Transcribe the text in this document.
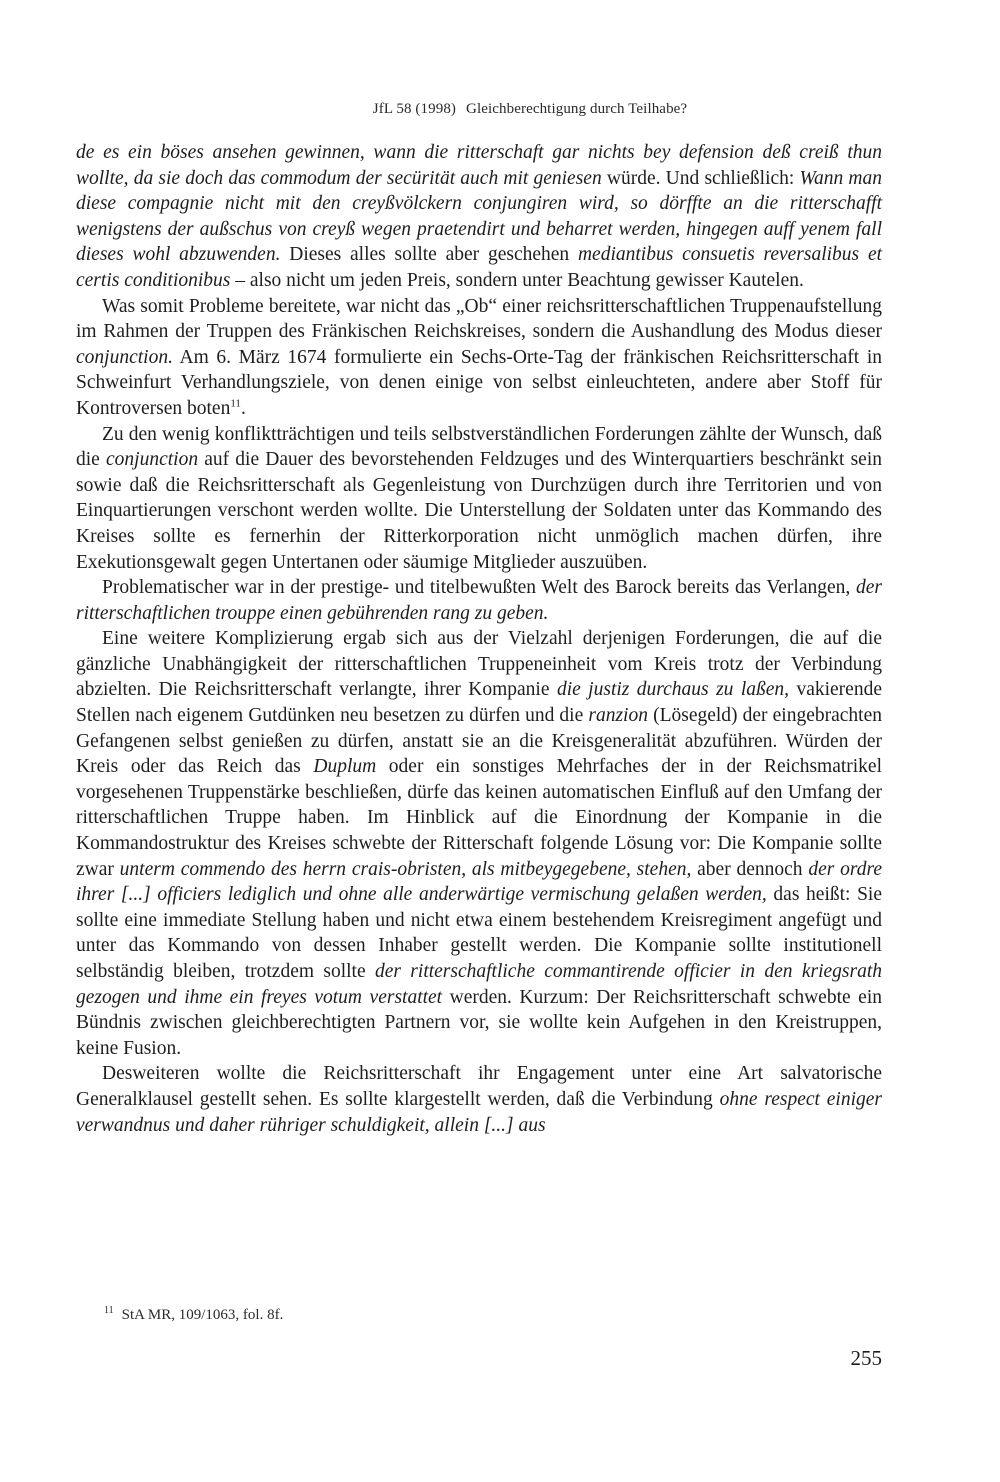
JfL 58 (1998) Gleichberechtigung durch Teilhabe?

de es ein böses ansehen gewinnen, wann die ritterschaft gar nichts bey defension deß creiß thun wollte, da sie doch das commodum der secürität auch mit geniesen würde. Und schließlich: Wann man diese compagnie nicht mit den creyßvölckern conjungiren wird, so dörffte an die ritterschafft wenigstens der außschus von creyß wegen praetendirt und beharret werden, hingegen auff yenem fall dieses wohl abzuwenden. Dieses alles sollte aber geschehen mediantibus consuetis reversalibus et certis conditionibus – also nicht um jeden Preis, sondern unter Beachtung gewisser Kautelen.

Was somit Probleme bereitete, war nicht das „Ob“ einer reichsritterschaftlichen Truppenaufstellung im Rahmen der Truppen des Fränkischen Reichskreises, sondern die Aushandlung des Modus dieser conjunction. Am 6. März 1674 formulierte ein Sechs-Orte-Tag der fränkischen Reichsritterschaft in Schweinfurt Verhandlungsziele, von denen einige von selbst einleuchteten, andere aber Stoff für Kontroversen boten$^{11}$.

Zu den wenig konfliktträchtigen und teils selbstverständlichen Forderungen zählte der Wunsch, daß die conjunction auf die Dauer des bevorstehenden Feldzuges und des Winterquartiers beschränkt sein sowie daß die Reichsritterschaft als Gegenleistung von Durchzügen durch ihre Territorien und von Einquartierungen verschont werden wollte. Die Unterstellung der Soldaten unter das Kommando des Kreises sollte es fernerhin der Ritterkorporation nicht unmöglich machen dürfen, ihre Exekutionsgewalt gegen Untertanen oder säumige Mitglieder auszuüben.

Problematischer war in der prestige- und titelbewußten Welt des Barock bereits das Verlangen, der ritterschaftlichen trouppe einen gebührenden rang zu geben.

Eine weitere Komplizierung ergab sich aus der Vielzahl derjenigen Forderungen, die auf die gänzliche Unabhängigkeit der ritterschaftlichen Truppeneinheit vom Kreis trotz der Verbindung abzielten. Die Reichsritterschaft verlangte, ihrer Kompanie die justiz durchaus zu laßen, vakierende Stellen nach eigenem Gutdünken neu besetzen zu dürfen und die ranzion (Lösegeld) der eingebrachten Gefangenen selbst genießen zu dürfen, anstatt sie an die Kreisgeneralität abzuführen. Würden der Kreis oder das Reich das Duplum oder ein sonstiges Mehrfaches der in der Reichsmatrikel vorgesehenen Truppenstärke beschließen, dürfe das keinen automatischen Einfluß auf den Umfang der ritterschaftlichen Truppe haben. Im Hinblick auf die Einordnung der Kompanie in die Kommandostruktur des Kreises schwebte der Ritterschaft folgende Lösung vor: Die Kompanie sollte zwar unterm commendo des herrn crais-obristen, als mitbeygegebene, stehen, aber dennoch der ordre ihrer [...] officiers lediglich und ohne alle anderwärtige vermischung gelaßen werden, das heißt: Sie sollte eine immediate Stellung haben und nicht etwa einem bestehendem Kreisregiment angefügt und unter das Kommando von dessen Inhaber gestellt werden. Die Kompanie sollte institutionell selbständig bleiben, trotzdem sollte der ritterschaftliche commantirende officier in den kriegsrath gezogen und ihme ein freyes votum verstattet werden. Kurzum: Der Reichsritterschaft schwebte ein Bündnis zwischen gleichberechtigten Partnern vor, sie wollte kein Aufgehen in den Kreistruppen, keine Fusion.

Desweiteren wollte die Reichsritterschaft ihr Engagement unter eine Art salvatorische Generalklausel gestellt sehen. Es sollte klargestellt werden, daß die Verbindung ohne respect einiger verwandnus und daher rühriger schuldigkeit, allein [...] aus

$^{11}$ StA MR, 109/1063, fol. 8f.
255
